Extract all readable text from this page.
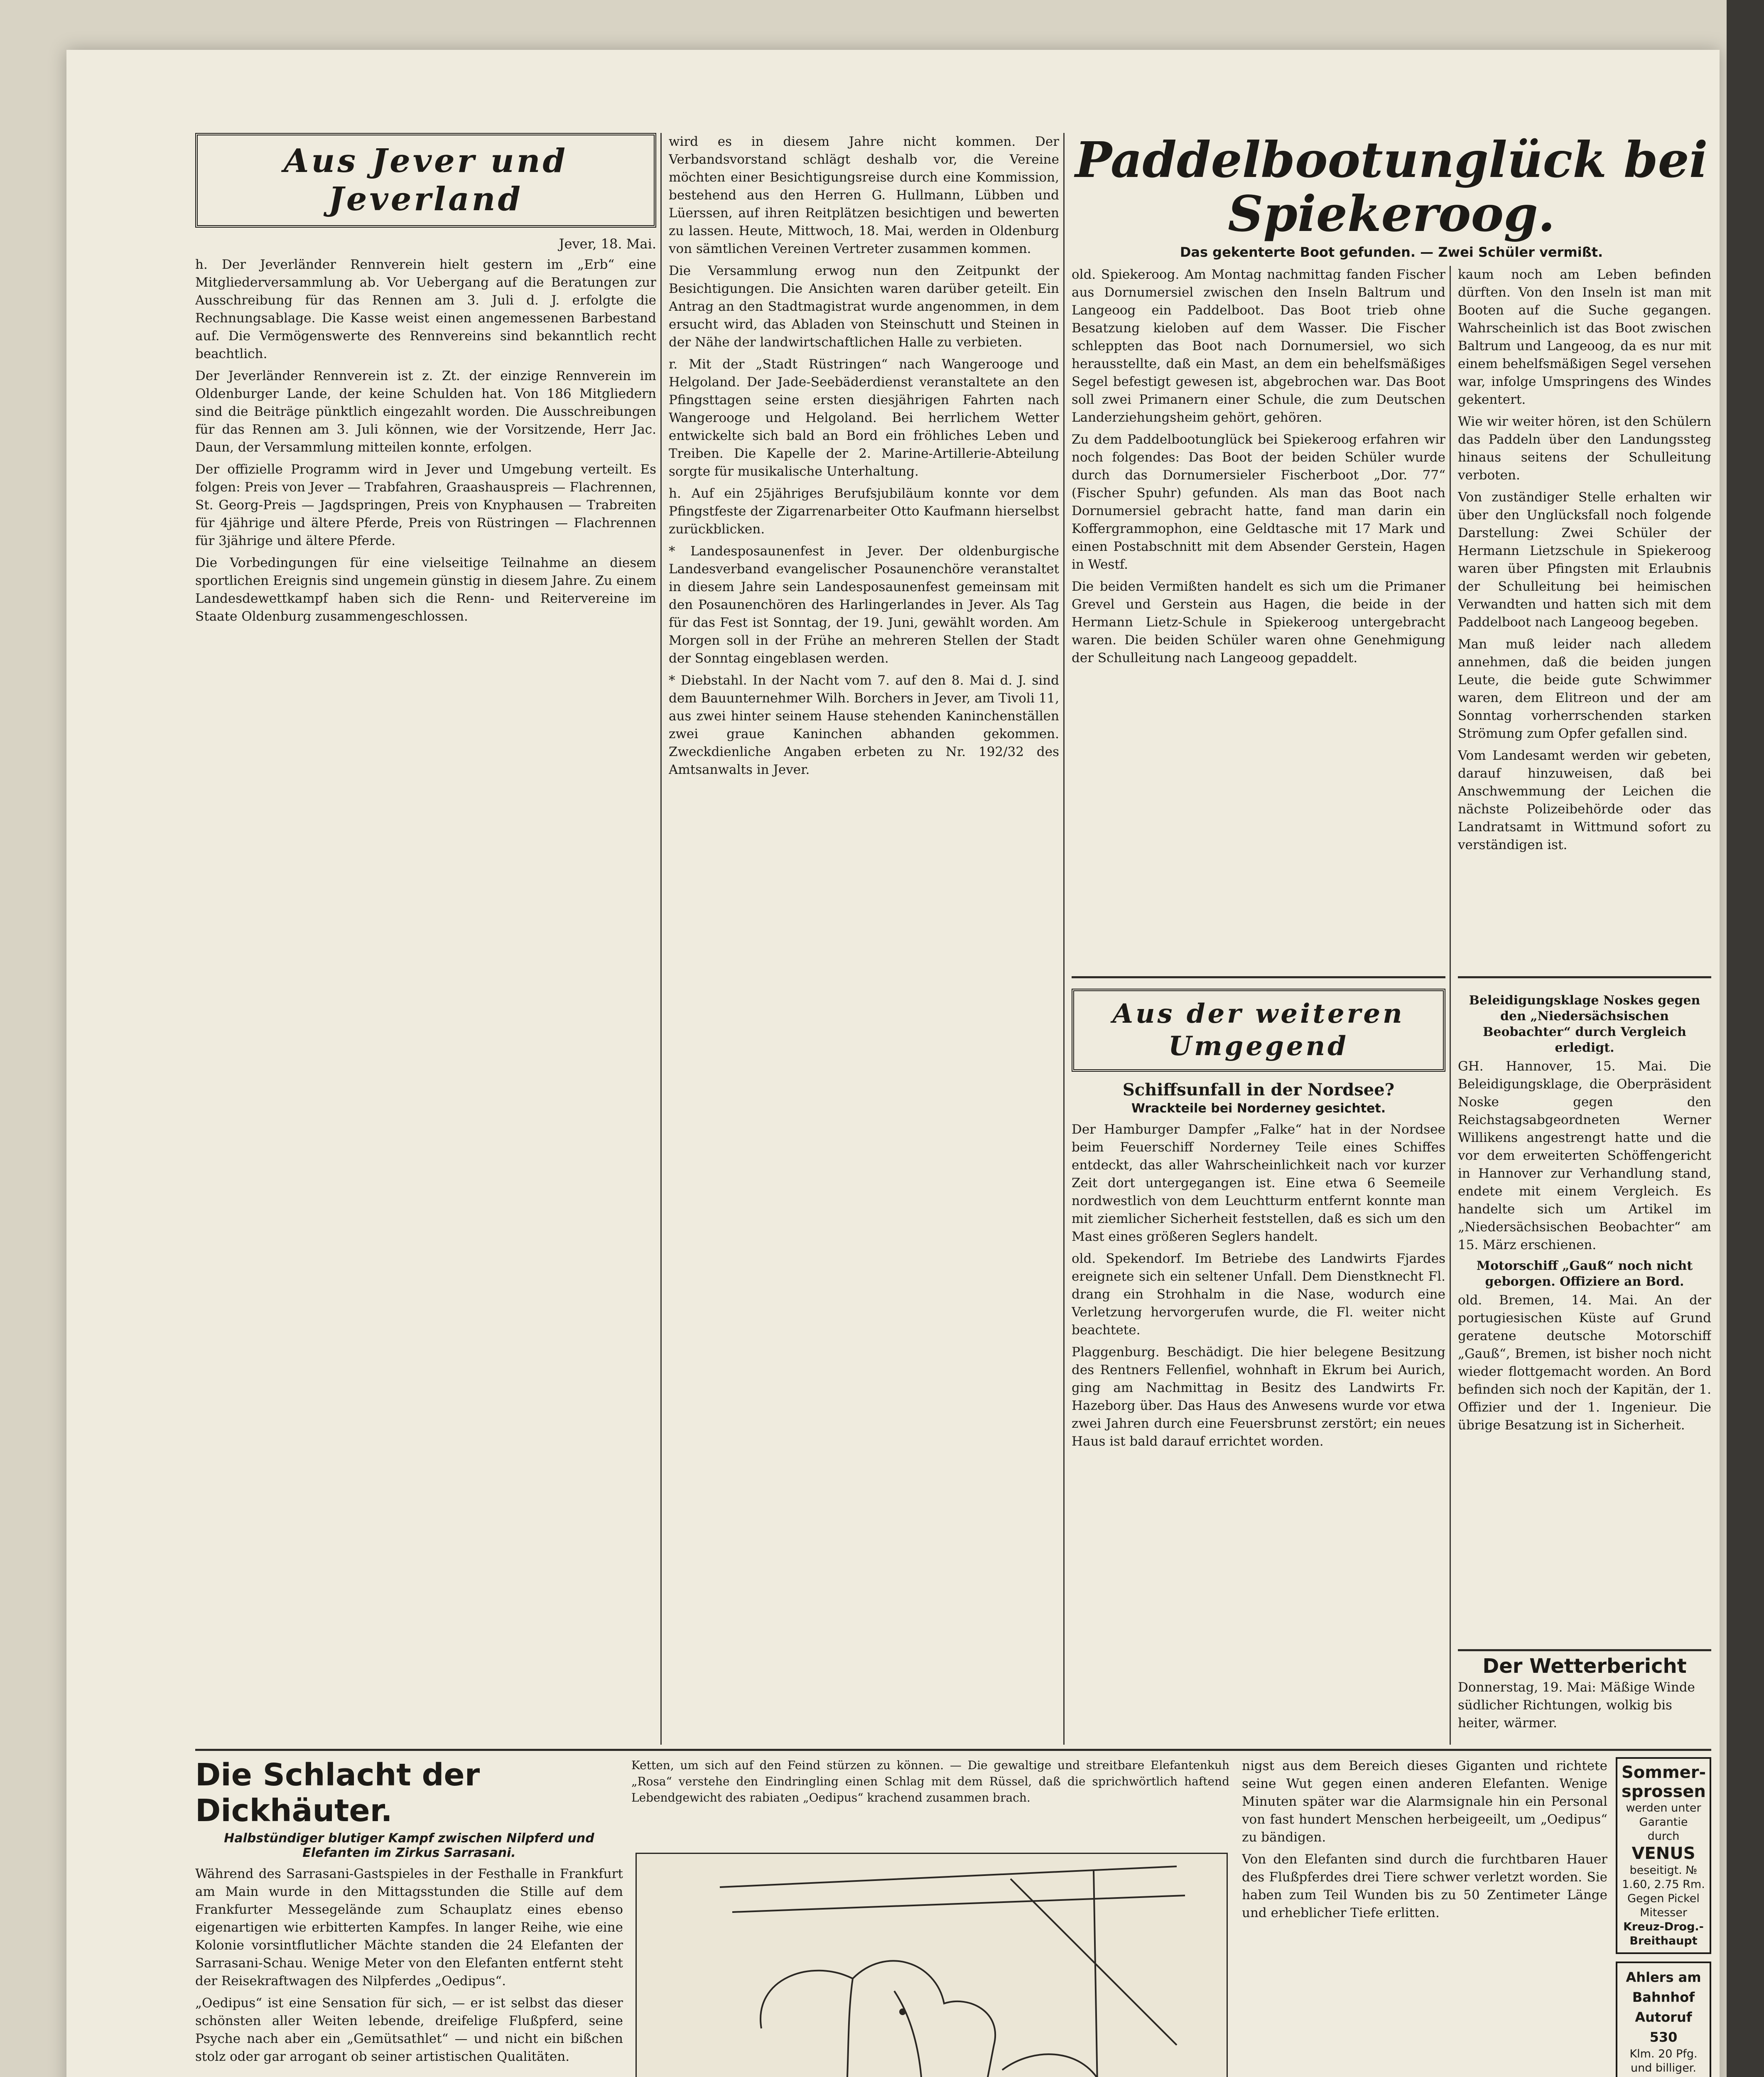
Aus Jever und Jeverland
Jever, 18. Mai.

h. Der Jeverländer Rennverein hielt gestern im „Erb“ eine Mitgliederversammlung ab. Vor Uebergang auf die Beratungen zur Ausschreibung für das Rennen am 3. Juli d. J. erfolgte die Rechnungsablage. Die Kasse weist einen angemessenen Barbestand auf. Die Vermögenswerte des Rennvereins sind bekanntlich recht beachtlich.

Der Jeverländer Rennverein ist z. Zt. der einzige Rennverein im Oldenburger Lande, der keine Schulden hat. Von 186 Mitgliedern sind die Beiträge pünktlich eingezahlt worden. Die Ausschreibungen für das Rennen am 3. Juli können, wie der Vorsitzende, Herr Jac. Daun, der Versammlung mitteilen konnte, erfolgen.

Der offizielle Programm wird in Jever und Umgebung verteilt. Es folgen: Preis von Jever — Trabfahren, Graashauspreis — Flachrennen, St. Georg-Preis — Jagdspringen, Preis von Knyphausen — Trabreiten für 4jährige und ältere Pferde, Preis von Rüstringen — Flachrennen für 3jährige und ältere Pferde.

Die Vorbedingungen für eine vielseitige Teilnahme an diesem sportlichen Ereignis sind ungemein günstig in diesem Jahre. Zu einem Landesdewettkampf haben sich die Renn- und Reitervereine im Staate Oldenburg zusammengeschlossen.

wird es in diesem Jahre nicht kommen. Der Verbandsvorstand schlägt deshalb vor, die Vereine möchten einer Besichtigungsreise durch eine Kommission, bestehend aus den Herren G. Hullmann, Lübben und Lüerssen, auf ihren Reitplätzen besichtigen und bewerten zu lassen. Heute, Mittwoch, 18. Mai, werden in Oldenburg von sämtlichen Vereinen Vertreter zusammen kommen.

Die Versammlung erwog nun den Zeitpunkt der Besichtigungen. Die Ansichten waren darüber geteilt. Ein Antrag an den Stadtmagistrat wurde angenommen, in dem ersucht wird, das Abladen von Steinschutt und Steinen in der Nähe der landwirtschaftlichen Halle zu verbieten.

r. Mit der „Stadt Rüstringen“ nach Wangerooge und Helgoland. Der Jade-Seebäderdienst veranstaltete an den Pfingsttagen seine ersten diesjährigen Fahrten nach Wangerooge und Helgoland. Bei herrlichem Wetter entwickelte sich bald an Bord ein fröhliches Leben und Treiben. Die Kapelle der 2. Marine-Artillerie-Abteilung sorgte für musikalische Unterhaltung.

h. Auf ein 25jähriges Berufsjubiläum konnte vor dem Pfingstfeste der Zigarrenarbeiter Otto Kaufmann hierselbst zurückblicken.

* Landesposaunenfest in Jever. Der oldenburgische Landesverband evangelischer Posaunenchöre veranstaltet in diesem Jahre sein Landesposaunenfest gemeinsam mit den Posaunenchören des Harlingerlandes in Jever. Als Tag für das Fest ist Sonntag, der 19. Juni, gewählt worden. Am Morgen soll in der Frühe an mehreren Stellen der Stadt der Sonntag eingeblasen werden.

* Diebstahl. In der Nacht vom 7. auf den 8. Mai d. J. sind dem Bauunternehmer Wilh. Borchers in Jever, am Tivoli 11, aus zwei hinter seinem Hause stehenden Kaninchenställen zwei graue Kaninchen abhanden gekommen. Zweckdienliche Angaben erbeten zu Nr. 192/32 des Amtsanwalts in Jever.

Paddelbootunglück bei Spiekeroog.
Das gekenterte Boot gefunden. — Zwei Schüler vermißt.

old. Spiekeroog. Am Montag nachmittag fanden Fischer aus Dornumersiel zwischen den Inseln Baltrum und Langeoog ein Paddelboot. Das Boot trieb ohne Besatzung kieloben auf dem Wasser. Die Fischer schleppten das Boot nach Dornumersiel, wo sich herausstellte, daß ein Mast, an dem ein behelfsmäßiges Segel befestigt gewesen ist, abgebrochen war. Das Boot soll zwei Primanern einer Schule, die zum Deutschen Landerziehungsheim gehört, gehören.

Zu dem Paddelbootunglück bei Spiekeroog erfahren wir noch folgendes: Das Boot der beiden Schüler wurde durch das Dornumersieler Fischerboot „Dor. 77“ (Fischer Spuhr) gefunden. Als man das Boot nach Dornumersiel gebracht hatte, fand man darin ein Koffergrammophon, eine Geldtasche mit 17 Mark und einen Postabschnitt mit dem Absender Gerstein, Hagen in Westf.

Die beiden Vermißten handelt es sich um die Primaner Grevel und Gerstein aus Hagen, die beide in der Hermann Lietz-Schule in Spiekeroog untergebracht waren. Die beiden Schüler waren ohne Genehmigung der Schulleitung nach Langeoog gepaddelt.

kaum noch am Leben befinden dürften. Von den Inseln ist man mit Booten auf die Suche gegangen. Wahrscheinlich ist das Boot zwischen Baltrum und Langeoog, da es nur mit einem behelfsmäßigen Segel versehen war, infolge Umspringens des Windes gekentert.

Wie wir weiter hören, ist den Schülern das Paddeln über den Landungssteg hinaus seitens der Schulleitung verboten.

Von zuständiger Stelle erhalten wir über den Unglücksfall noch folgende Darstellung: Zwei Schüler der Hermann Lietzschule in Spiekeroog waren über Pfingsten mit Erlaubnis der Schulleitung bei heimischen Verwandten und hatten sich mit dem Paddelboot nach Langeoog begeben.

Man muß leider nach alledem annehmen, daß die beiden jungen Leute, die beide gute Schwimmer waren, dem Elitreon und der am Sonntag vorherrschenden starken Strömung zum Opfer gefallen sind.

Vom Landesamt werden wir gebeten, darauf hinzuweisen, daß bei Anschwemmung der Leichen die nächste Polizeibehörde oder das Landratsamt in Wittmund sofort zu verständigen ist.

Aus der weiteren Umgegend
Schiffsunfall in der Nordsee?
Wrackteile bei Norderney gesichtet.

Der Hamburger Dampfer „Falke“ hat in der Nordsee beim Feuerschiff Norderney Teile eines Schiffes entdeckt, das aller Wahrscheinlichkeit nach vor kurzer Zeit dort untergegangen ist. Eine etwa 6 Seemeile nordwestlich von dem Leuchtturm entfernt konnte man mit ziemlicher Sicherheit feststellen, daß es sich um den Mast eines größeren Seglers handelt.

old. Spekendorf. Im Betriebe des Landwirts Fjardes ereignete sich ein seltener Unfall. Dem Dienstknecht Fl. drang ein Strohhalm in die Nase, wodurch eine Verletzung hervorgerufen wurde, die Fl. weiter nicht beachtete.

Plaggenburg. Beschädigt. Die hier belegene Besitzung des Rentners Fellenfiel, wohnhaft in Ekrum bei Aurich, ging am Nachmittag in Besitz des Landwirts Fr. Hazeborg über. Das Haus des Anwesens wurde vor etwa zwei Jahren durch eine Feuersbrunst zerstört; ein neues Haus ist bald darauf errichtet worden.

Beleidigungsklage Noskes gegen den „Niedersächsischen Beobachter“ durch Vergleich erledigt.

GH. Hannover, 15. Mai. Die Beleidigungsklage, die Oberpräsident Noske gegen den Reichstagsabgeordneten Werner Willikens angestrengt hatte und die vor dem erweiterten Schöffengericht in Hannover zur Verhandlung stand, endete mit einem Vergleich. Es handelte sich um Artikel im „Niedersächsischen Beobachter“ am 15. März erschienen.

Motorschiff „Gauß“ noch nicht geborgen. Offiziere an Bord.

old. Bremen, 14. Mai. An der portugiesischen Küste auf Grund geratene deutsche Motorschiff „Gauß“, Bremen, ist bisher noch nicht wieder flottgemacht worden. An Bord befinden sich noch der Kapitän, der 1. Offizier und der 1. Ingenieur. Die übrige Besatzung ist in Sicherheit.

Der Wetterbericht
Donnerstag, 19. Mai: Mäßige Winde südlicher Richtungen, wolkig bis heiter, wärmer.
Die Schlacht der Dickhäuter.
Halbstündiger blutiger Kampf zwischen Nilpferd und Elefanten im Zirkus Sarrasani.

Während des Sarrasani-Gastspieles in der Festhalle in Frankfurt am Main wurde in den Mittagsstunden die Stille auf dem Frankfurter Messegelände zum Schauplatz eines ebenso eigenartigen wie erbitterten Kampfes. In langer Reihe, wie eine Kolonie vorsintflutlicher Mächte standen die 24 Elefanten der Sarrasani-Schau. Wenige Meter von den Elefanten entfernt steht der Reisekraftwagen des Nilpferdes „Oedipus“.

„Oedipus“ ist eine Sensation für sich, — er ist selbst das dieser schönsten aller Weiten lebende, dreifelige Flußpferd, seine Psyche nach aber ein „Gemütsathlet“ — und nicht ein bißchen stolz oder gar arrogant ob seiner artistischen Qualitäten.

Ketten, um sich auf den Feind stürzen zu können. — Die gewaltige und streitbare Elefantenkuh „Rosa“ verstehe den Eindringling einen Schlag mit dem Rüssel, daß die sprichwörtlich haftend Lebendgewicht des rabiaten „Oedipus“ krachend zusammen brach.

nigst aus dem Bereich dieses Giganten und richtete seine Wut gegen einen anderen Elefanten. Wenige Minuten später war die Alarmsignale hin ein Personal von fast hundert Menschen herbeigeeilt, um „Oedipus“ zu bändigen.

Von den Elefanten sind durch die furchtbaren Hauer des Flußpferdes drei Tiere schwer verletzt worden. Sie haben zum Teil Wunden bis zu 50 Zentimeter Länge und erheblicher Tiefe erlitten.

Sommer-sprossen
werden unter Garantie durch
VENUS
beseitigt. № 1.60, 2.75 Rm. Gegen Pickel Mitesser
Kreuz-Drog.-Breithaupt
Ahlers am Bahnhof
Autoruf 530
Klm. 20 Pfg. und billiger.
